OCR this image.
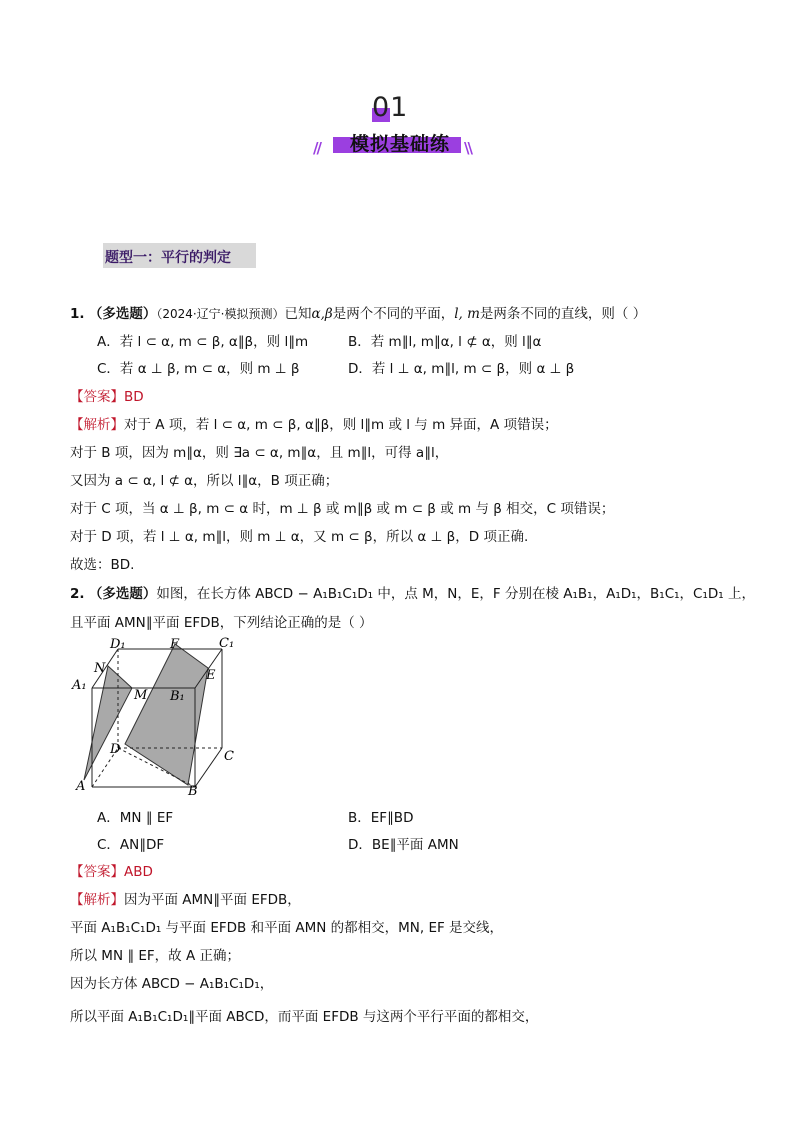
01
//	模拟基础练 \\
题型一：平行的判定
1. （多选题）（2024·辽宁·模拟预测）已知α,β是两个不同的平面，l, m是两条不同的直线，则（ ）
A．若 l ⊂ α, m ⊂ β, α∥β，则 l∥m	B．若 m∥l, m∥α, l ⊄ α，则 l∥α
C．若 α ⊥ β, m ⊂ α，则 m ⊥ β	D．若 l ⊥ α, m∥l, m ⊂ β，则 α ⊥ β
【答案】BD
【解析】对于 A 项，若 l ⊂ α, m ⊂ β, α∥β，则 l∥m 或 l 与 m 异面，A 项错误；
对于 B 项，因为 m∥α，则 ∃a ⊂ α, m∥α，且 m∥l，可得 a∥l，
又因为 a ⊂ α, l ⊄ α，所以 l∥α，B 项正确；
对于 C 项，当 α ⊥ β, m ⊂ α 时，m ⊥ β 或 m∥β 或 m ⊂ β 或 m 与 β 相交，C 项错误；
对于 D 项，若 l ⊥ α, m∥l，则 m ⊥ α，又 m ⊂ β，所以 α ⊥ β，D 项正确.
故选：BD.
2. （多选题）如图，在长方体 ABCD − A₁B₁C₁D₁ 中，点 M，N，E，F 分别在棱 A₁B₁，A₁D₁，B₁C₁，C₁D₁ 上，
且平面 AMN∥平面 EFDB，下列结论正确的是（ ）
D₁	F	C₁
N
A₁
M B₁
E
D	C
A	B
A．MN ∥ EF	B．EF∥BD
C．AN∥DF	D．BE∥平面 AMN
【答案】ABD
【解析】因为平面 AMN∥平面 EFDB，
平面 A₁B₁C₁D₁ 与平面 EFDB 和平面 AMN 的都相交，MN, EF 是交线，
所以 MN ∥ EF，故 A 正确；
因为长方体 ABCD − A₁B₁C₁D₁，
所以平面 A₁B₁C₁D₁∥平面 ABCD，而平面 EFDB 与这两个平行平面的都相交，
